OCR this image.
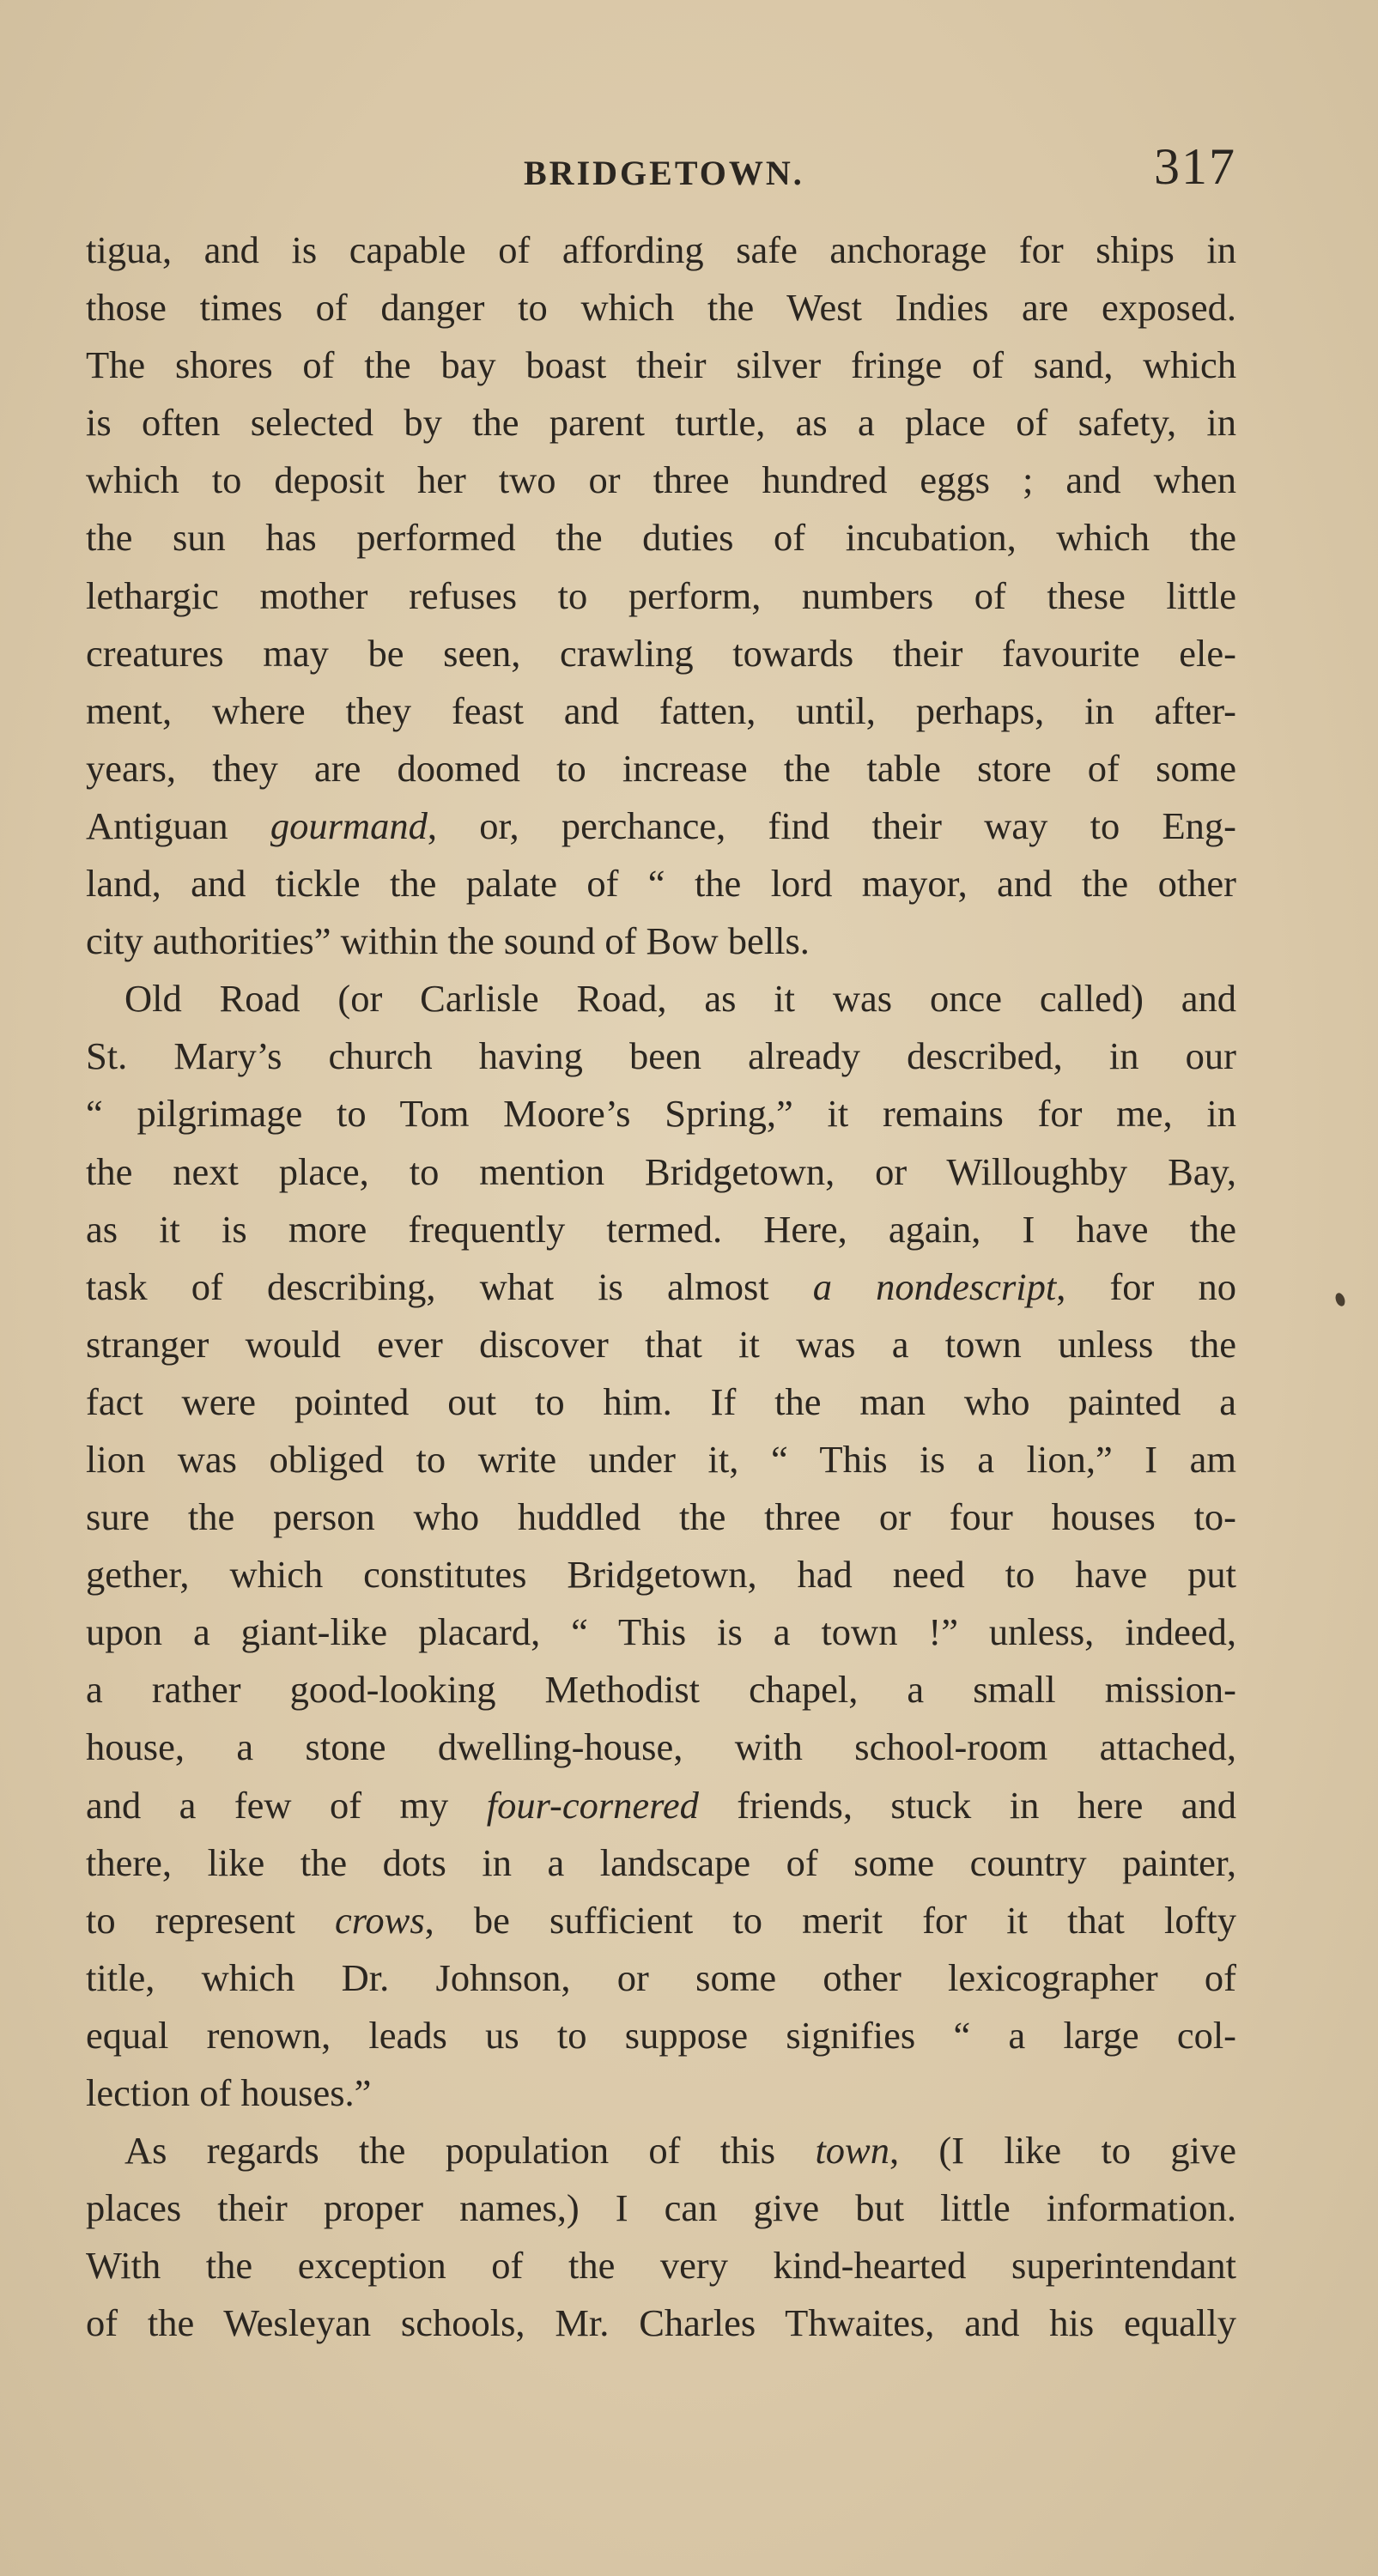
BRIDGETOWN.	317
tigua, and is capable of affording safe anchorage for ships in
those times of danger to which the West Indies are exposed.
The shores of the bay boast their silver fringe of sand, which
is often selected by the parent turtle, as a place of safety, in
which to deposit her two or three hundred eggs ; and when
the sun has performed the duties of incubation, which the
lethargic mother refuses to perform, numbers of these little
creatures may be seen, crawling towards their favourite ele-
ment, where they feast and fatten, until, perhaps, in after-
years, they are doomed to increase the table store of some
Antiguan gourmand, or, perchance, find their way to Eng-
land, and tickle the palate of “ the lord mayor, and the other
city authorities” within the sound of Bow bells.
Old Road (or Carlisle Road, as it was once called) and
St. Mary’s church having been already described, in our
“ pilgrimage to Tom Moore’s Spring,” it remains for me, in
the next place, to mention Bridgetown, or Willoughby Bay,
as it is more frequently termed. Here, again, I have the
task of describing, what is almost a nondescript, for no
stranger would ever discover that it was a town unless the
fact were pointed out to him. If the man who painted a
lion was obliged to write under it, “ This is a lion,” I am
sure the person who huddled the three or four houses to-
gether, which constitutes Bridgetown, had need to have put
upon a giant-like placard, “ This is a town !” unless, indeed,
a rather good-looking Methodist chapel, a small mission-
house, a stone dwelling-house, with school-room attached,
and a few of my four-cornered friends, stuck in here and
there, like the dots in a landscape of some country painter,
to represent crows, be sufficient to merit for it that lofty
title, which Dr. Johnson, or some other lexicographer of
equal renown, leads us to suppose signifies “ a large col-
lection of houses.”
As regards the population of this town, (I like to give
places their proper names,) I can give but little information.
With the exception of the very kind-hearted superintendant
of the Wesleyan schools, Mr. Charles Thwaites, and his equally
